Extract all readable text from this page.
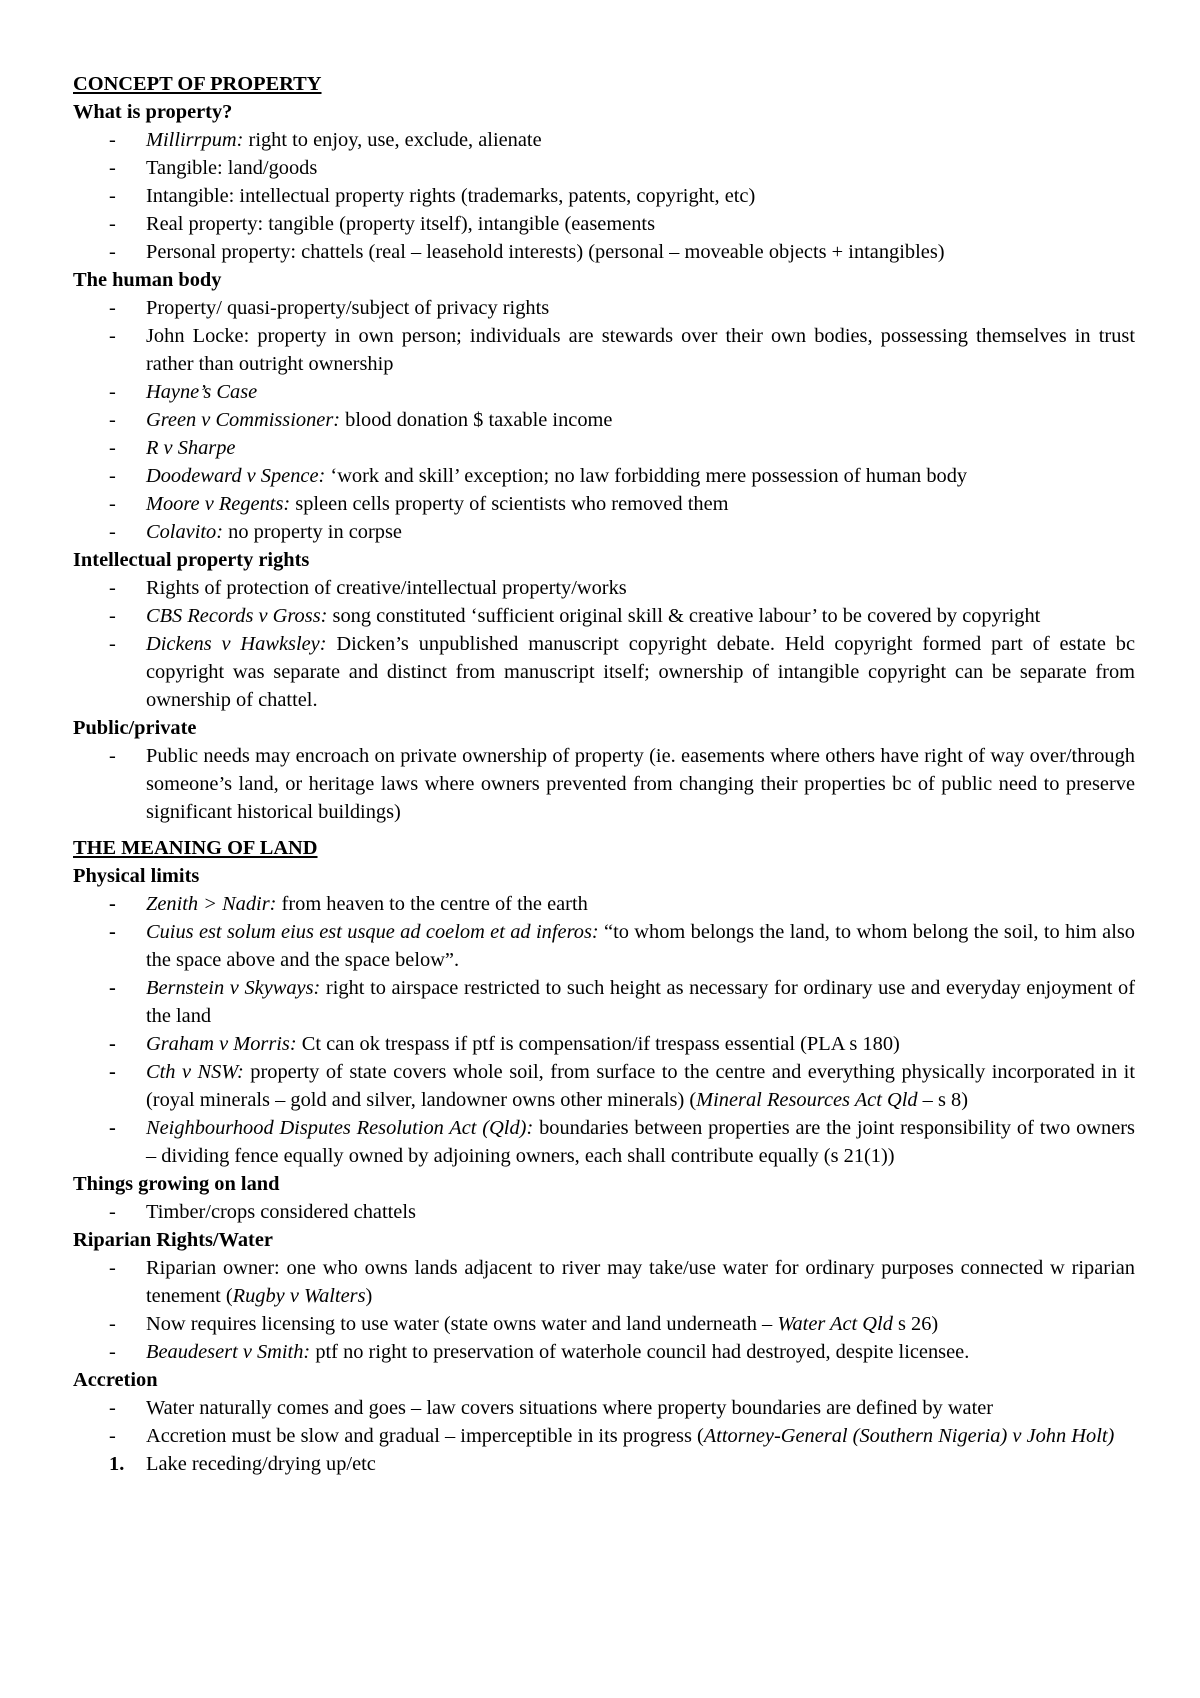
CONCEPT OF PROPERTY
What is property?
- Millirrpum: right to enjoy, use, exclude, alienate
- Tangible: land/goods
- Intangible: intellectual property rights (trademarks, patents, copyright, etc)
- Real property: tangible (property itself), intangible (easements
- Personal property: chattels (real – leasehold interests) (personal – moveable objects + intangibles)
The human body
- Property/ quasi-property/subject of privacy rights
- John Locke: property in own person; individuals are stewards over their own bodies, possessing themselves in trust rather than outright ownership
- Hayne’s Case
- Green v Commissioner: blood donation $ taxable income
- R v Sharpe
- Doodeward v Spence: ‘work and skill’ exception; no law forbidding mere possession of human body
- Moore v Regents: spleen cells property of scientists who removed them
- Colavito: no property in corpse
Intellectual property rights
- Rights of protection of creative/intellectual property/works
- CBS Records v Gross: song constituted ‘sufficient original skill & creative labour’ to be covered by copyright
- Dickens v Hawksley: Dicken’s unpublished manuscript copyright debate. Held copyright formed part of estate bc copyright was separate and distinct from manuscript itself; ownership of intangible copyright can be separate from ownership of chattel.
Public/private
- Public needs may encroach on private ownership of property (ie. easements where others have right of way over/through someone’s land, or heritage laws where owners prevented from changing their properties bc of public need to preserve significant historical buildings)
THE MEANING OF LAND
Physical limits
- Zenith > Nadir: from heaven to the centre of the earth
- Cuius est solum eius est usque ad coelom et ad inferos: “to whom belongs the land, to whom belong the soil, to him also the space above and the space below”.
- Bernstein v Skyways: right to airspace restricted to such height as necessary for ordinary use and everyday enjoyment of the land
- Graham v Morris: Ct can ok trespass if ptf is compensation/if trespass essential (PLA s 180)
- Cth v NSW: property of state covers whole soil, from surface to the centre and everything physically incorporated in it (royal minerals – gold and silver, landowner owns other minerals) (Mineral Resources Act Qld – s 8)
- Neighbourhood Disputes Resolution Act (Qld): boundaries between properties are the joint responsibility of two owners – dividing fence equally owned by adjoining owners, each shall contribute equally (s 21(1))
Things growing on land
- Timber/crops considered chattels
Riparian Rights/Water
- Riparian owner: one who owns lands adjacent to river may take/use water for ordinary purposes connected w riparian tenement (Rugby v Walters)
- Now requires licensing to use water (state owns water and land underneath – Water Act Qld s 26)
- Beaudesert v Smith: ptf no right to preservation of waterhole council had destroyed, despite licensee.
Accretion
- Water naturally comes and goes – law covers situations where property boundaries are defined by water
- Accretion must be slow and gradual – imperceptible in its progress (Attorney-General (Southern Nigeria) v John Holt)
1. Lake receding/drying up/etc
